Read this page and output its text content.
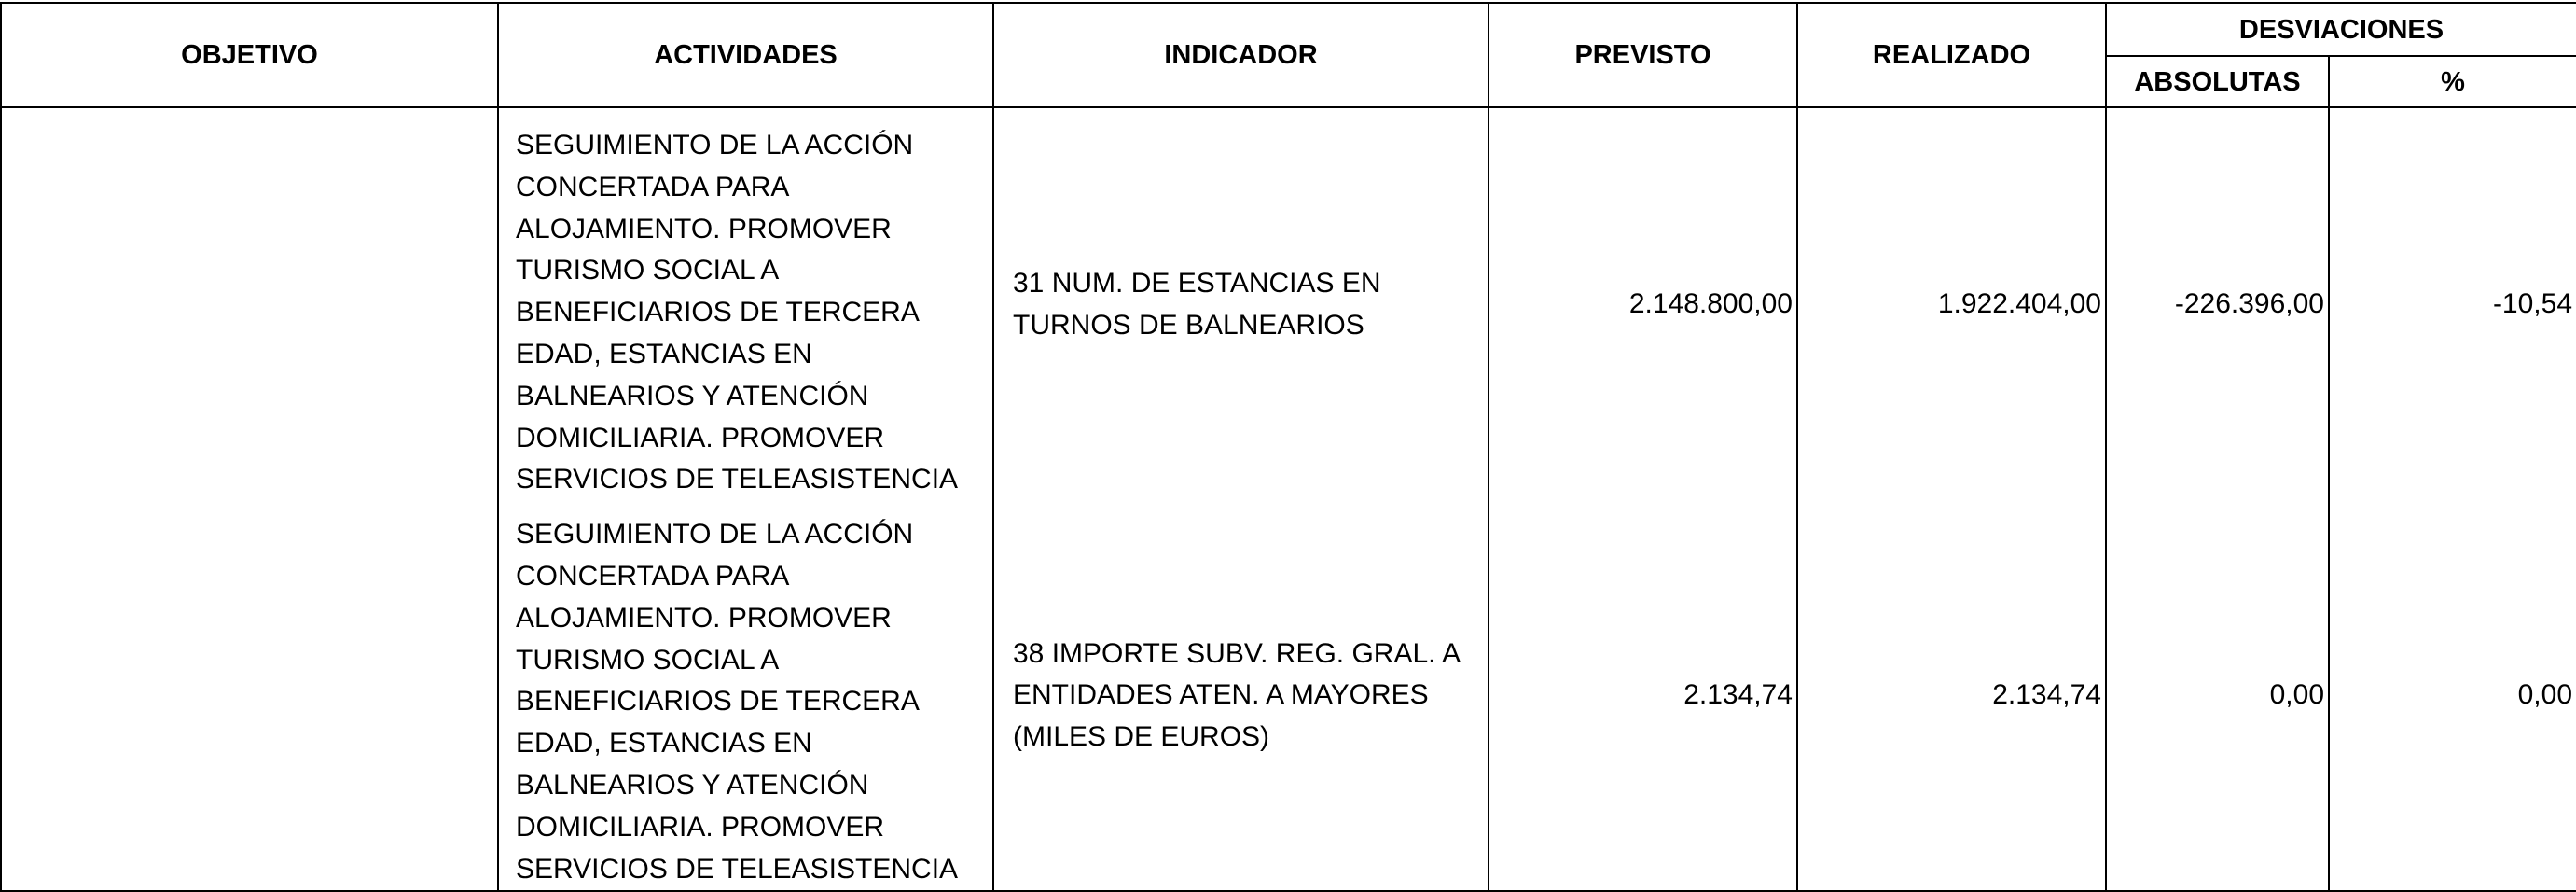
OBJETIVO	ACTIVIDADES	INDICADOR	PREVISTO	REALIZADO	DESVIACIONES	
					ABSOLUTAS	%
	SEGUIMIENTO DE LA ACCIÓN CONCERTADA PARA ALOJAMIENTO. PROMOVER TURISMO SOCIAL A BENEFICIARIOS DE TERCERA EDAD, ESTANCIAS EN BALNEARIOS Y ATENCIÓN DOMICILIARIA. PROMOVER SERVICIOS DE TELEASISTENCIA	31 NUM. DE ESTANCIAS EN TURNOS DE BALNEARIOS	2.148.800,00	1.922.404,00	-226.396,00	-10,54
	SEGUIMIENTO DE LA ACCIÓN CONCERTADA PARA ALOJAMIENTO. PROMOVER TURISMO SOCIAL A BENEFICIARIOS DE TERCERA EDAD, ESTANCIAS EN BALNEARIOS Y ATENCIÓN DOMICILIARIA. PROMOVER SERVICIOS DE TELEASISTENCIA	38 IMPORTE SUBV. REG. GRAL. A ENTIDADES ATEN. A MAYORES (MILES DE EUROS)	2.134,74	2.134,74	0,00	0,00
